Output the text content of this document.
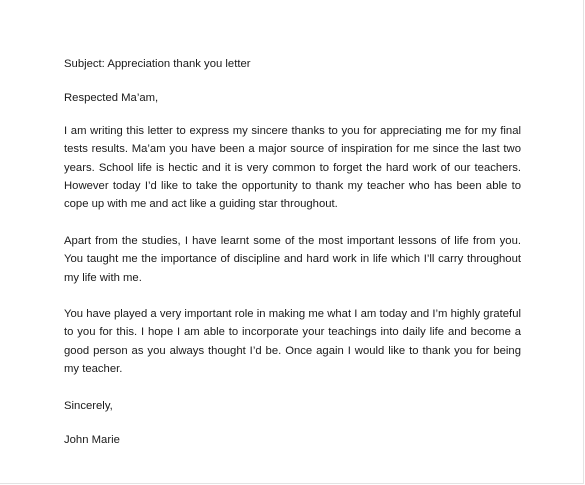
Subject: Appreciation thank you letter

Respected Ma’am,

I am writing this letter to express my sincere thanks to you for appreciating me for my final tests results. Ma’am you have been a major source of inspiration for me since the last two years. School life is hectic and it is very common to forget the hard work of our teachers. However today I’d like to take the opportunity to thank my teacher who has been able to cope up with me and act like a guiding star throughout.

Apart from the studies, I have learnt some of the most important lessons of life from you. You taught me the importance of discipline and hard work in life which I’ll carry throughout my life with me.

You have played a very important role in making me what I am today and I’m highly grateful to you for this. I hope I am able to incorporate your teachings into daily life and become a good person as you always thought I’d be. Once again I would like to thank you for being my teacher.

Sincerely,

John Marie
